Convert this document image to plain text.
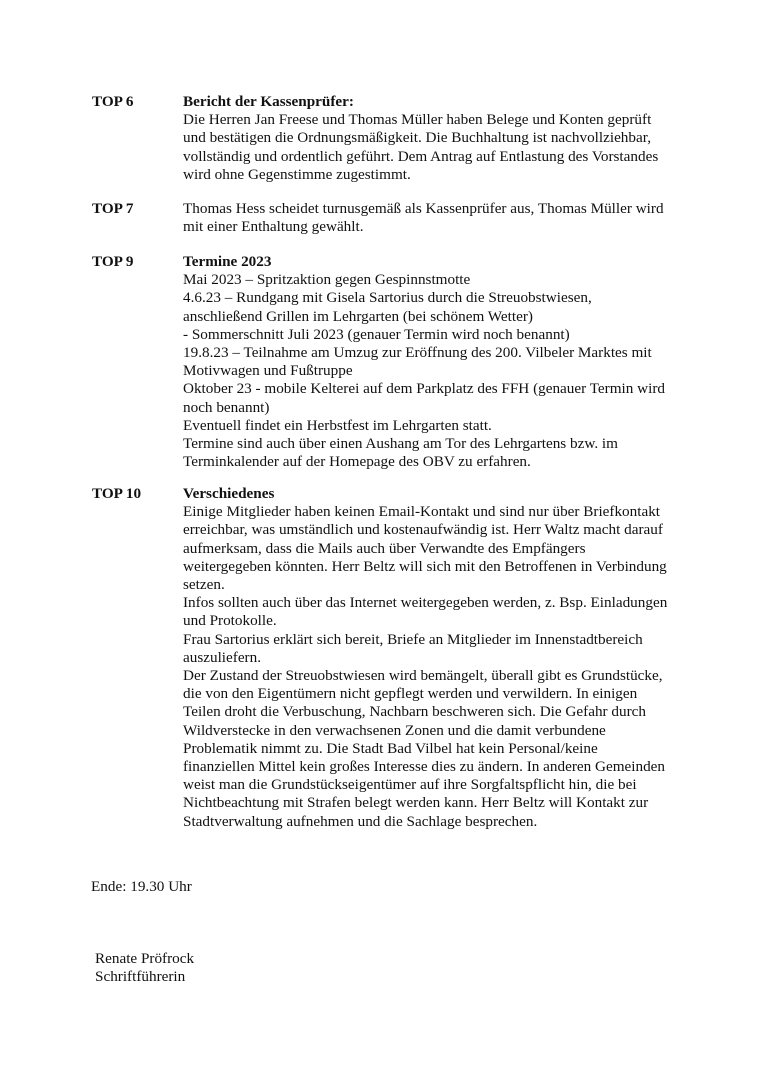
TOP 6	Bericht der Kassenprüfer:
Die Herren Jan Freese und Thomas Müller haben Belege und Konten geprüft
und bestätigen die Ordnungsmäßigkeit. Die Buchhaltung ist nachvollziehbar,
vollständig und ordentlich geführt. Dem Antrag auf Entlastung des Vorstandes
wird ohne Gegenstimme zugestimmt.
TOP 7	Thomas Hess scheidet turnusgemäß als Kassenprüfer aus, Thomas Müller wird
mit einer Enthaltung gewählt.
TOP 9	Termine 2023
Mai 2023 – Spritzaktion gegen Gespinnstmotte
4.6.23 – Rundgang mit Gisela Sartorius durch die Streuobstwiesen,
anschließend Grillen im Lehrgarten (bei schönem Wetter)
- Sommerschnitt Juli 2023 (genauer Termin wird noch benannt)
19.8.23 – Teilnahme am Umzug zur Eröffnung des 200. Vilbeler Marktes mit
Motivwagen und Fußtruppe
Oktober 23 - mobile Kelterei auf dem Parkplatz des FFH (genauer Termin wird
noch benannt)
Eventuell findet ein Herbstfest im Lehrgarten statt.
Termine sind auch über einen Aushang am Tor des Lehrgartens bzw. im
Terminkalender auf der Homepage des OBV zu erfahren.
TOP 10	Verschiedenes
Einige Mitglieder haben keinen Email-Kontakt und sind nur über Briefkontakt
erreichbar, was umständlich und kostenaufwändig ist. Herr Waltz macht darauf
aufmerksam, dass die Mails auch über Verwandte des Empfängers
weitergegeben könnten. Herr Beltz will sich mit den Betroffenen in Verbindung
setzen.
Infos sollten auch über das Internet weitergegeben werden, z. Bsp. Einladungen
und Protokolle.
Frau Sartorius erklärt sich bereit, Briefe an Mitglieder im Innenstadtbereich
auszuliefern.
Der Zustand der Streuobstwiesen wird bemängelt, überall gibt es Grundstücke,
die von den Eigentümern nicht gepflegt werden und verwildern. In einigen
Teilen droht die Verbuschung, Nachbarn beschweren sich. Die Gefahr durch
Wildverstecke in den verwachsenen Zonen und die damit verbundene
Problematik nimmt zu. Die Stadt Bad Vilbel hat kein Personal/keine
finanziellen Mittel kein großes Interesse dies zu ändern. In anderen Gemeinden
weist man die Grundstückseigentümer auf ihre Sorgfaltspflicht hin, die bei
Nichtbeachtung mit Strafen belegt werden kann. Herr Beltz will Kontakt zur
Stadtverwaltung aufnehmen und die Sachlage besprechen.
Ende: 19.30 Uhr
Renate Pröfrock
Schriftführerin
